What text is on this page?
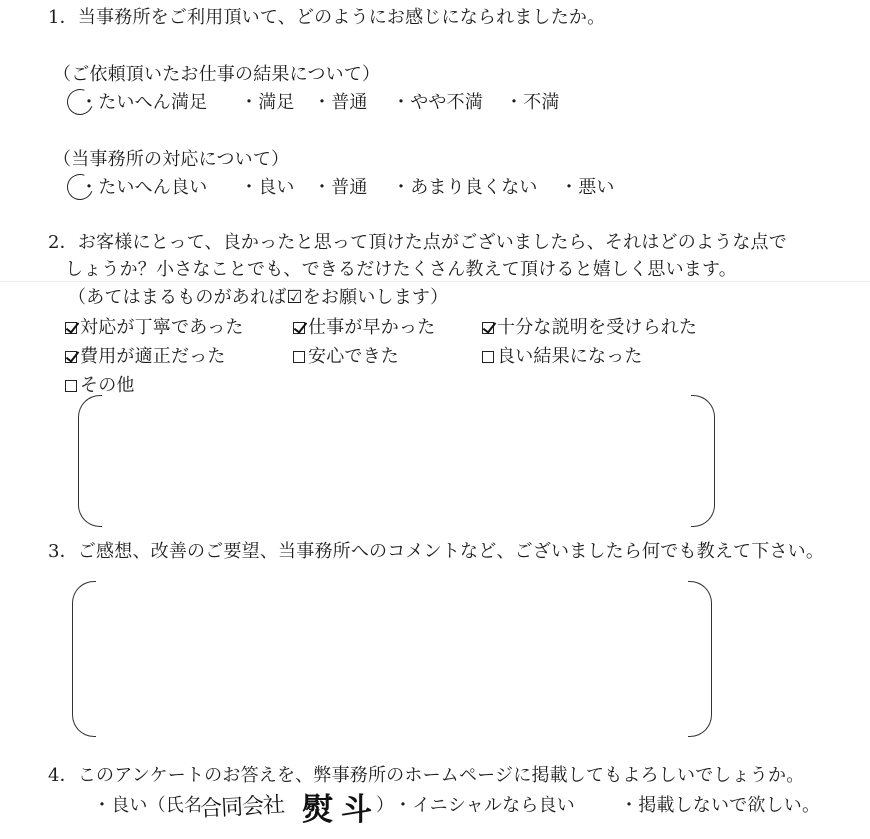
1．当事務所をご利用頂いて、どのようにお感じになられましたか。
（ご依頼頂いたお仕事の結果について）
・たいへん満足 ・満足 ・普通 ・やや不満 ・不満
（当事務所の対応について）
・たいへん良い ・良い ・普通 ・あまり良くない ・悪い
2．お客様にとって、良かったと思って頂けた点がございましたら、それはどのような点で
しょうか？小さなことでも、できるだけたくさん教えて頂けると嬉しく思います。
（あてはまるものがあれば☑をお願いします）
対応が丁寧であった	仕事が早かった	十分な説明を受けられた
費用が適正だった	安心できた	良い結果になった
その他
3．ご感想、改善のご要望、当事務所へのコメントなど、ございましたら何でも教えて下さい。
4．このアンケートのお答えを、弊事務所のホームページに掲載してもよろしいでしょうか。
・良い（氏名
合同会社 熨斗
） ・イニシャルなら良い	・掲載しないで欲しい。
